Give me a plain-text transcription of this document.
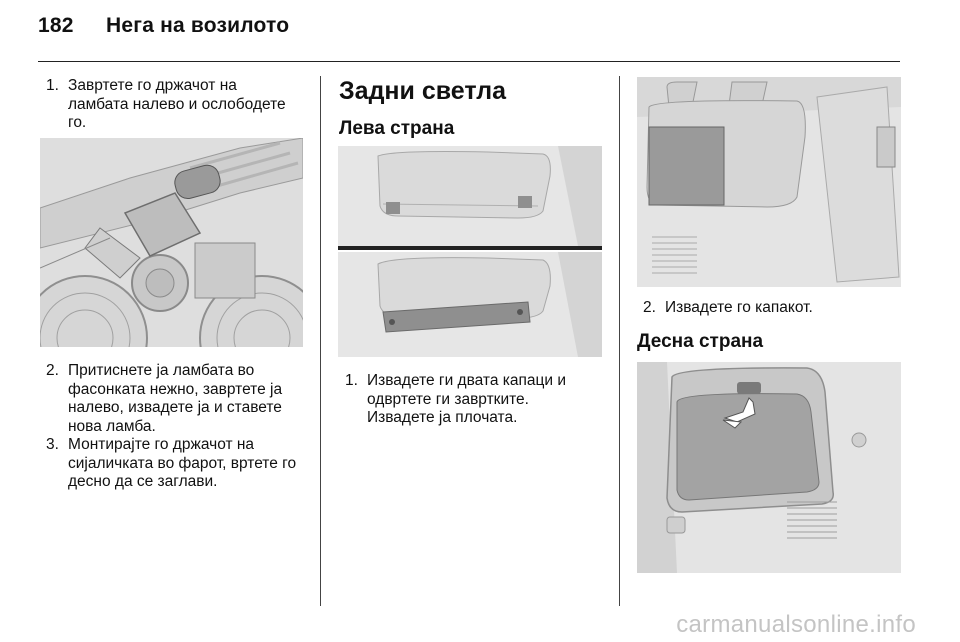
182 Нега на возилото
1. Завртете го држачот на
ламбата налево и ослободете
го.
2. Притиснете ја ламбата во
фасонката нежно, завртете ја
налево, извадете ја и ставете
нова ламба.
3. Монтирајте го држачот на
сијаличката во фарот, вртете го
десно да се заглави.
Задни светла
Лева страна
1. Извадете ги двата капаци и
одвртете ги завртките.
Извадете ја плочата.
2. Извадете го капакот.
Десна страна
carmanualsonline.info
